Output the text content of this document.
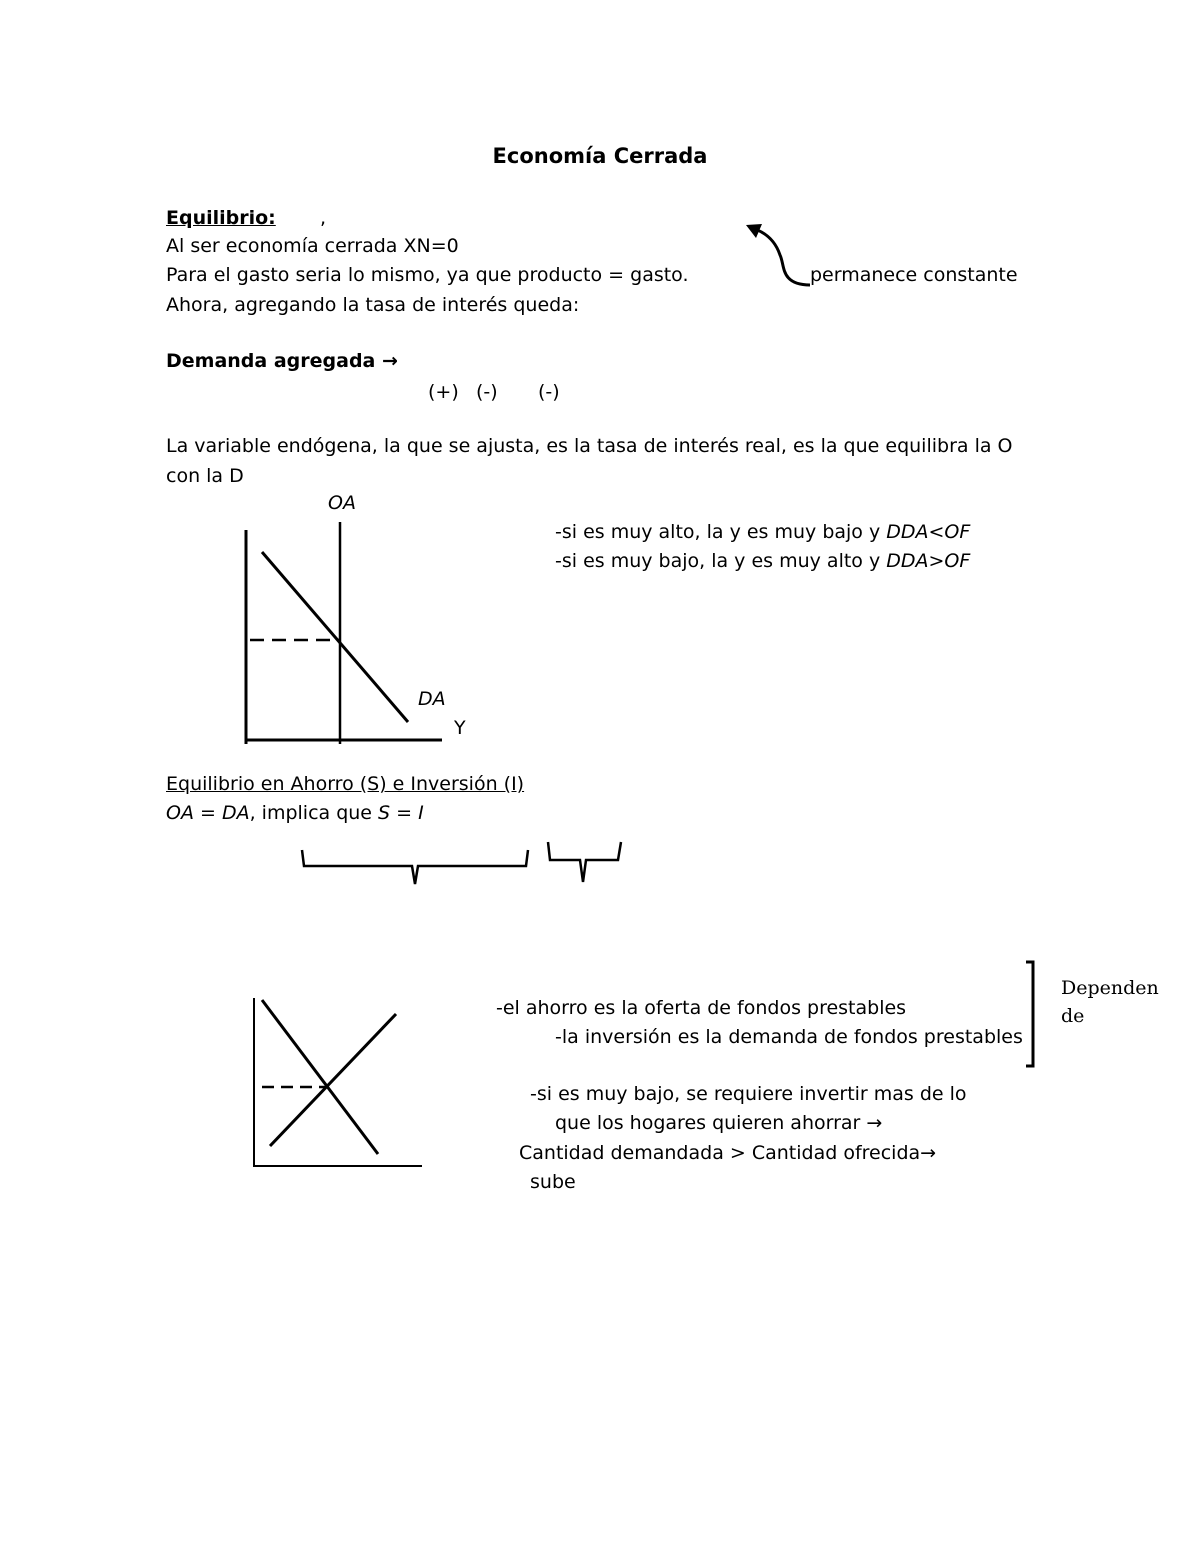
Economía Cerrada
Equilibrio: ,
Al ser economía cerrada XN=0
Para el gasto seria lo mismo, ya que producto = gasto.
Ahora, agregando la tasa de interés queda:
permanece constante
Demanda agregada →
(+) (-) (-)
La variable endógena, la que se ajusta, es la tasa de interés real, es la que equilibra la O
con la D
OA
DA
Y
-si es muy alto, la y es muy bajo y DDA<OF
-si es muy bajo, la y es muy alto y DDA>OF
Equilibrio en Ahorro (S) e Inversión (I)
OA = DA, implica que S = I
-el ahorro es la oferta de fondos prestables
-la inversión es la demanda de fondos prestables
Dependen
de
-si es muy bajo, se requiere invertir mas de lo
que los hogares quieren ahorrar →
Cantidad demandada > Cantidad ofrecida→
sube
